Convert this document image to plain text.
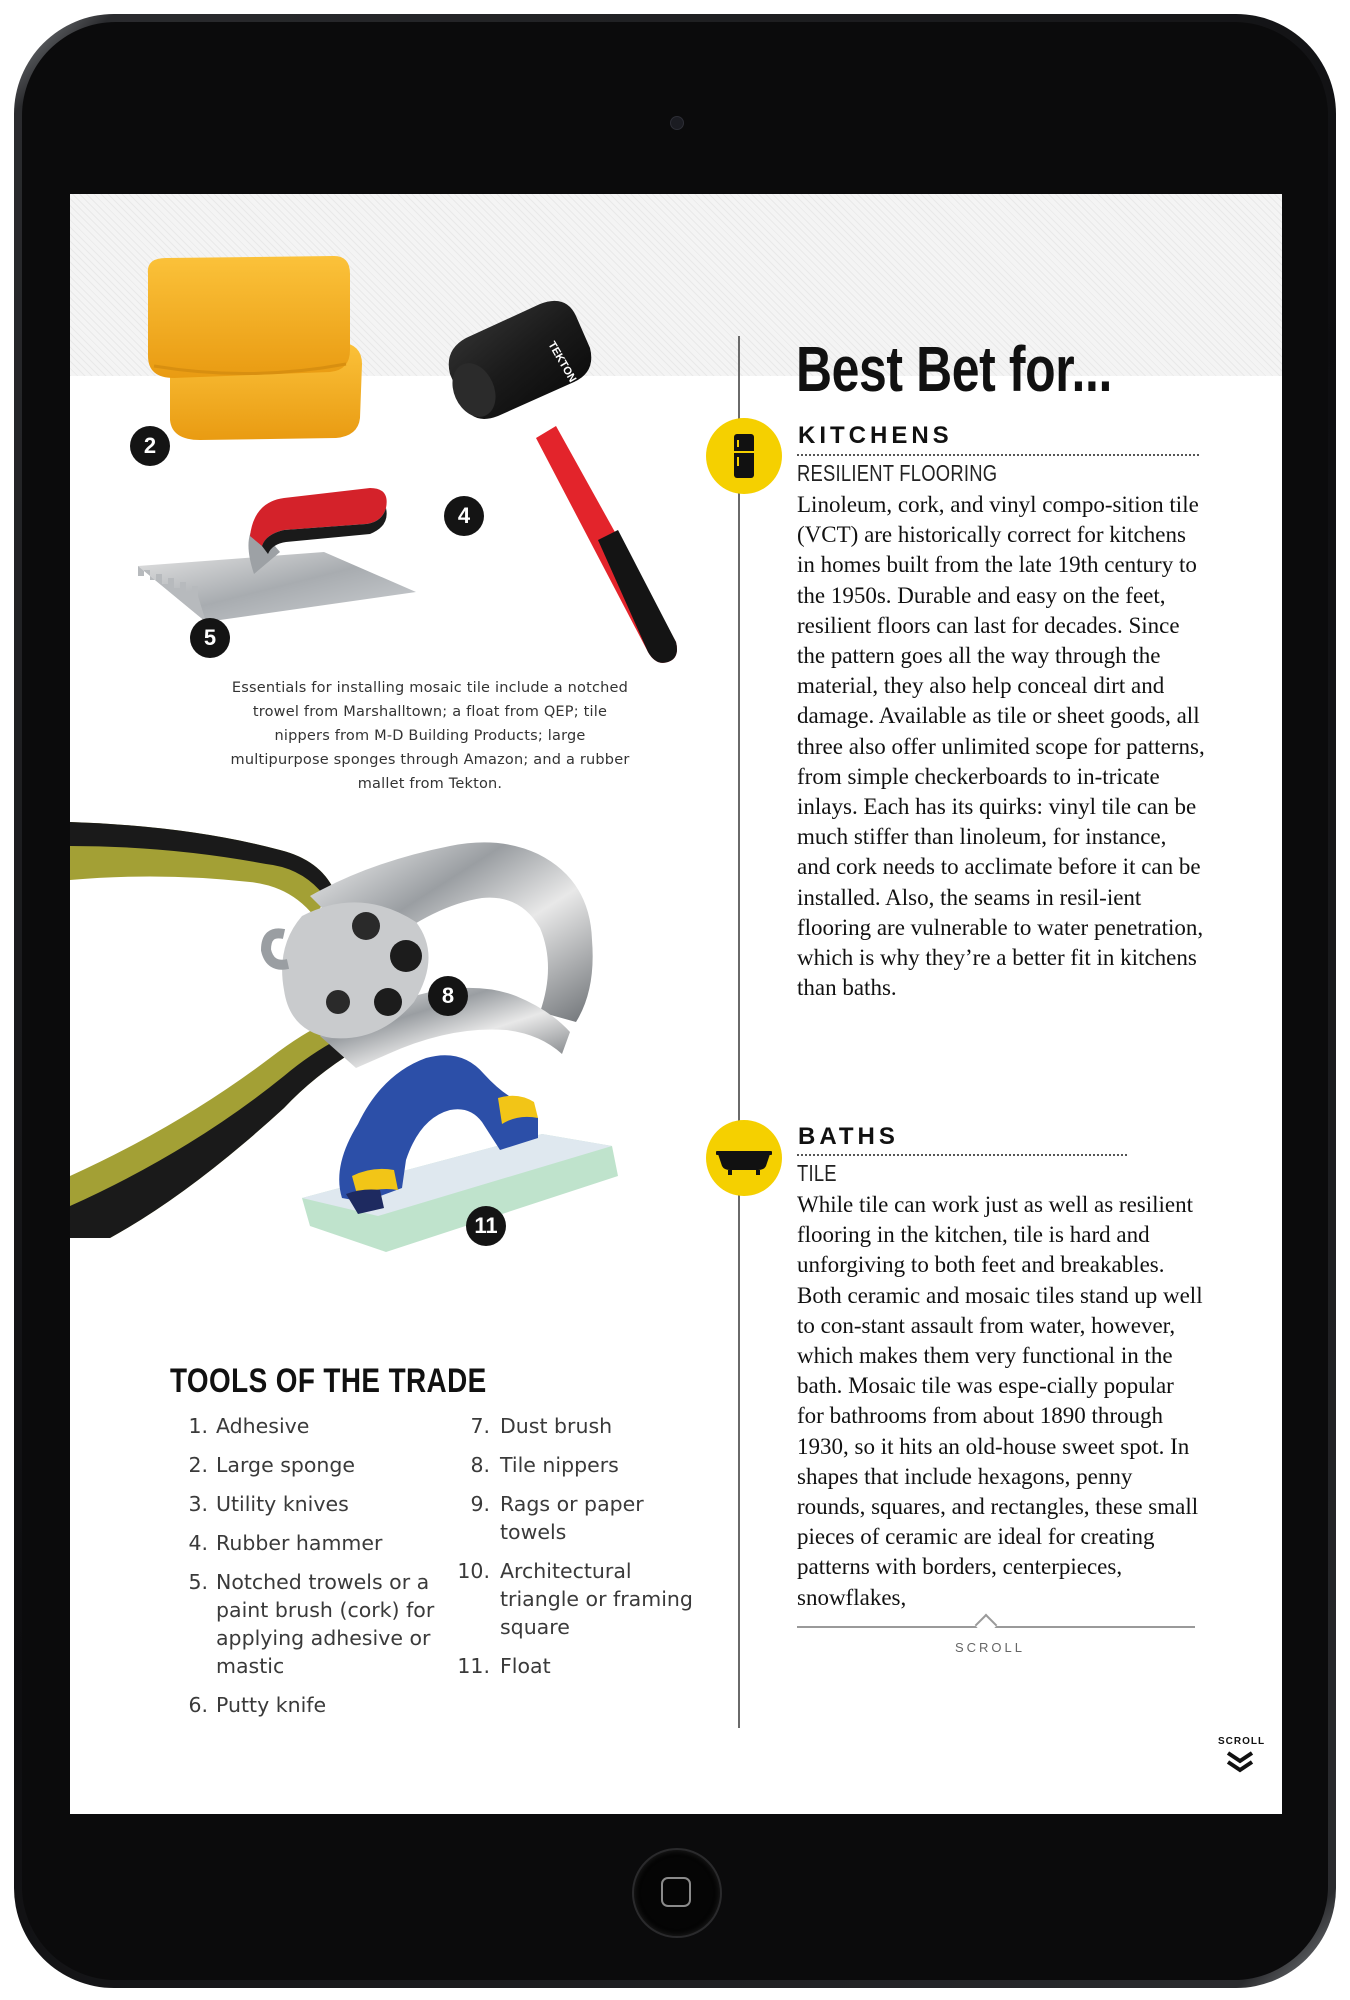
2
TEKTON
4
5
Essentials for installing mosaic tile include a notched trowel from Marshalltown; a float from QEP; tile nippers from M-D Building Products; large multipurpose sponges through Amazon; and a rubber mallet from Tekton.
8
11
TOOLS OF THE TRADE
1. Adhesive
2. Large sponge
3. Utility knives
4. Rubber hammer
5. Notched trowels or a paint brush (cork) for applying adhesive or mastic
6. Putty knife
7. Dust brush
8. Tile nippers
9. Rags or paper towels
10. Architectural triangle or framing square
11. Float
Best Bet for...
KITCHENS
RESILIENT FLOORING

Linoleum, cork, and vinyl compo-sition tile (VCT) are historically correct for kitchens in homes built from the late 19th century to the 1950s. Durable and easy on the feet, resilient floors can last for decades. Since the pattern goes all the way through the material, they also help conceal dirt and damage. Available as tile or sheet goods, all three also offer unlimited scope for patterns, from simple checkerboards to in-tricate inlays. Each has its quirks: vinyl tile can be much stiffer than linoleum, for instance, and cork needs to acclimate before it can be installed. Also, the seams in resil-ient flooring are vulnerable to water penetration, which is why they’re a better fit in kitchens than baths.

BATHS
TILE

While tile can work just as well as resilient flooring in the kitchen, tile is hard and unforgiving to both feet and breakables. Both ceramic and mosaic tiles stand up well to con-stant assault from water, however, which makes them very functional in the bath. Mosaic tile was espe-cially popular for bathrooms from about 1890 through 1930, so it hits an old-house sweet spot. In shapes that include hexagons, penny rounds, squares, and rectangles, these small pieces of ceramic are ideal for creating patterns with borders, centerpieces, snowflakes,

SCROLL
SCROLL
